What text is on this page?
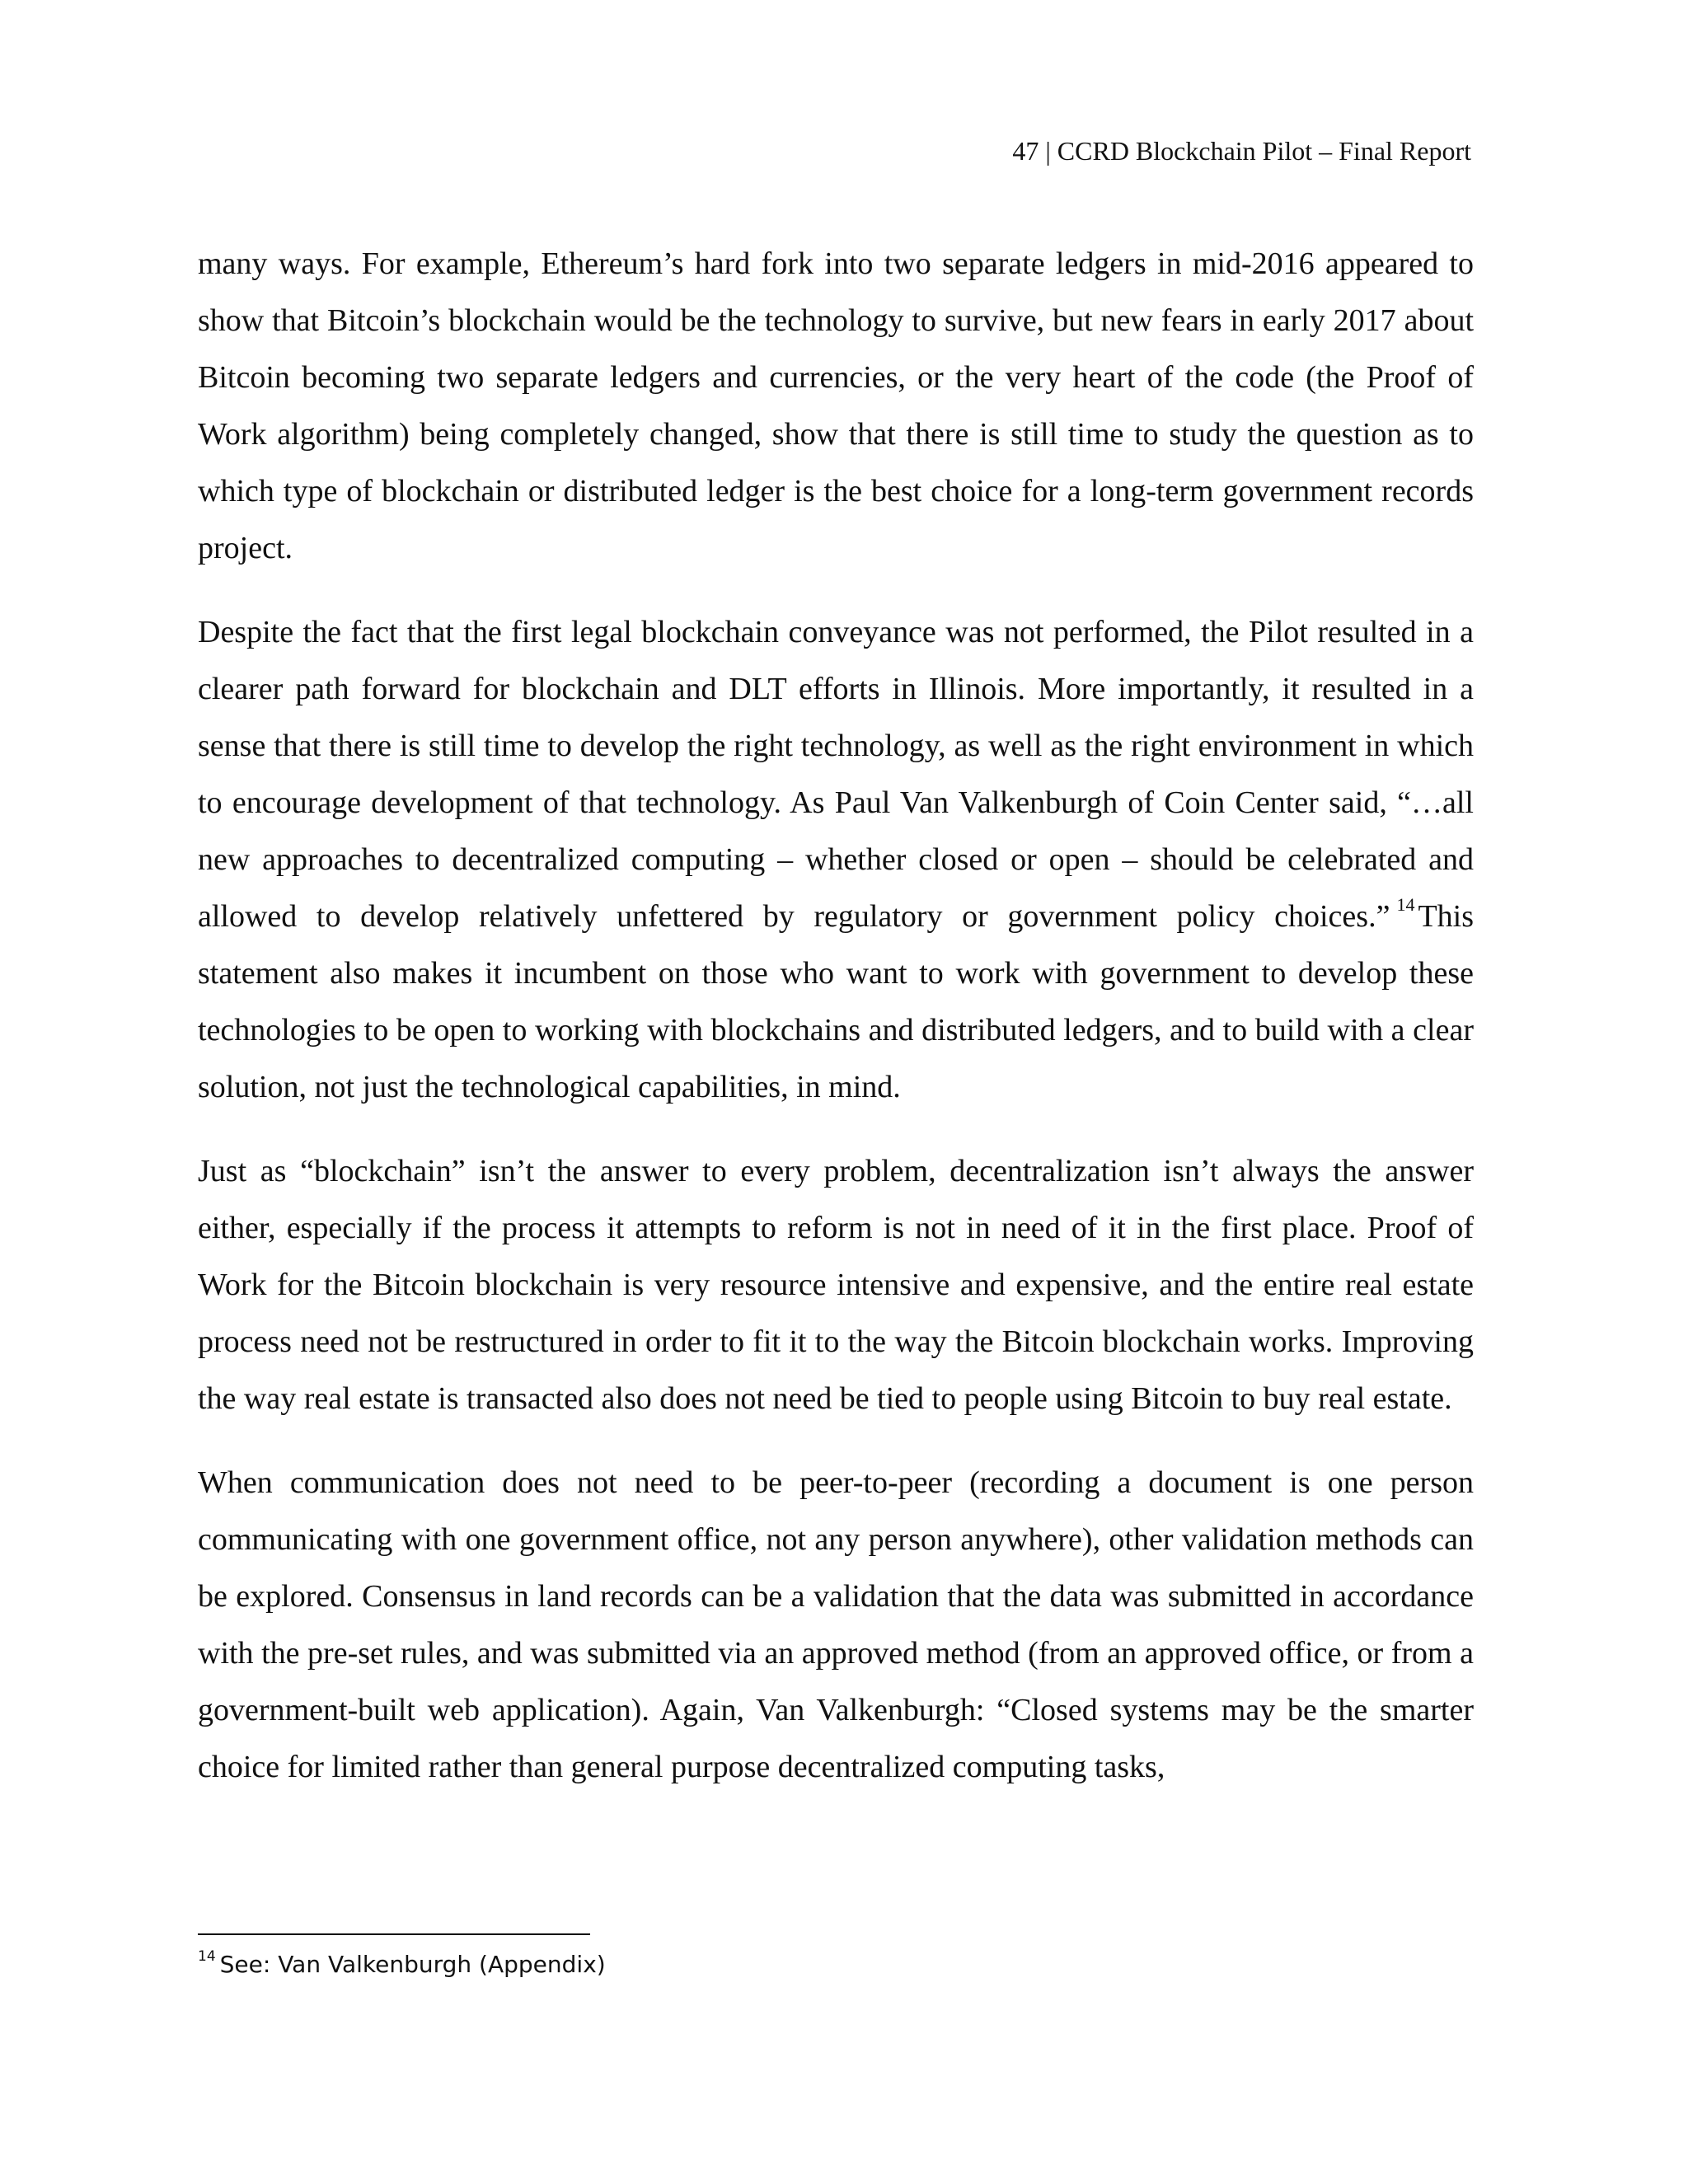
47 | CCRD Blockchain Pilot – Final Report

many ways. For example, Ethereum’s hard fork into two separate ledgers in mid-2016 appeared to show that Bitcoin’s blockchain would be the technology to survive, but new fears in early 2017 about Bitcoin becoming two separate ledgers and currencies, or the very heart of the code (the Proof of Work algorithm) being completely changed, show that there is still time to study the question as to which type of blockchain or distributed ledger is the best choice for a long-term government records project.

Despite the fact that the first legal blockchain conveyance was not performed, the Pilot resulted in a clearer path forward for blockchain and DLT efforts in Illinois. More importantly, it resulted in a sense that there is still time to develop the right technology, as well as the right environment in which to encourage development of that technology. As Paul Van Valkenburgh of Coin Center said, “…all new approaches to decentralized computing – whether closed or open – should be celebrated and allowed to develop relatively unfettered by regulatory or government policy choices.” $^{14}$ This statement also makes it incumbent on those who want to work with government to develop these technologies to be open to working with blockchains and distributed ledgers, and to build with a clear solution, not just the technological capabilities, in mind.

Just as “blockchain” isn’t the answer to every problem, decentralization isn’t always the answer either, especially if the process it attempts to reform is not in need of it in the first place. Proof of Work for the Bitcoin blockchain is very resource intensive and expensive, and the entire real estate process need not be restructured in order to fit it to the way the Bitcoin blockchain works. Improving the way real estate is transacted also does not need be tied to people using Bitcoin to buy real estate.

When communication does not need to be peer-to-peer (recording a document is one person communicating with one government office, not any person anywhere), other validation methods can be explored. Consensus in land records can be a validation that the data was submitted in accordance with the pre-set rules, and was submitted via an approved method (from an approved office, or from a government-built web application). Again, Van Valkenburgh: “Closed systems may be the smarter choice for limited rather than general purpose decentralized computing tasks,

$^{14}$ See: Van Valkenburgh (Appendix)
